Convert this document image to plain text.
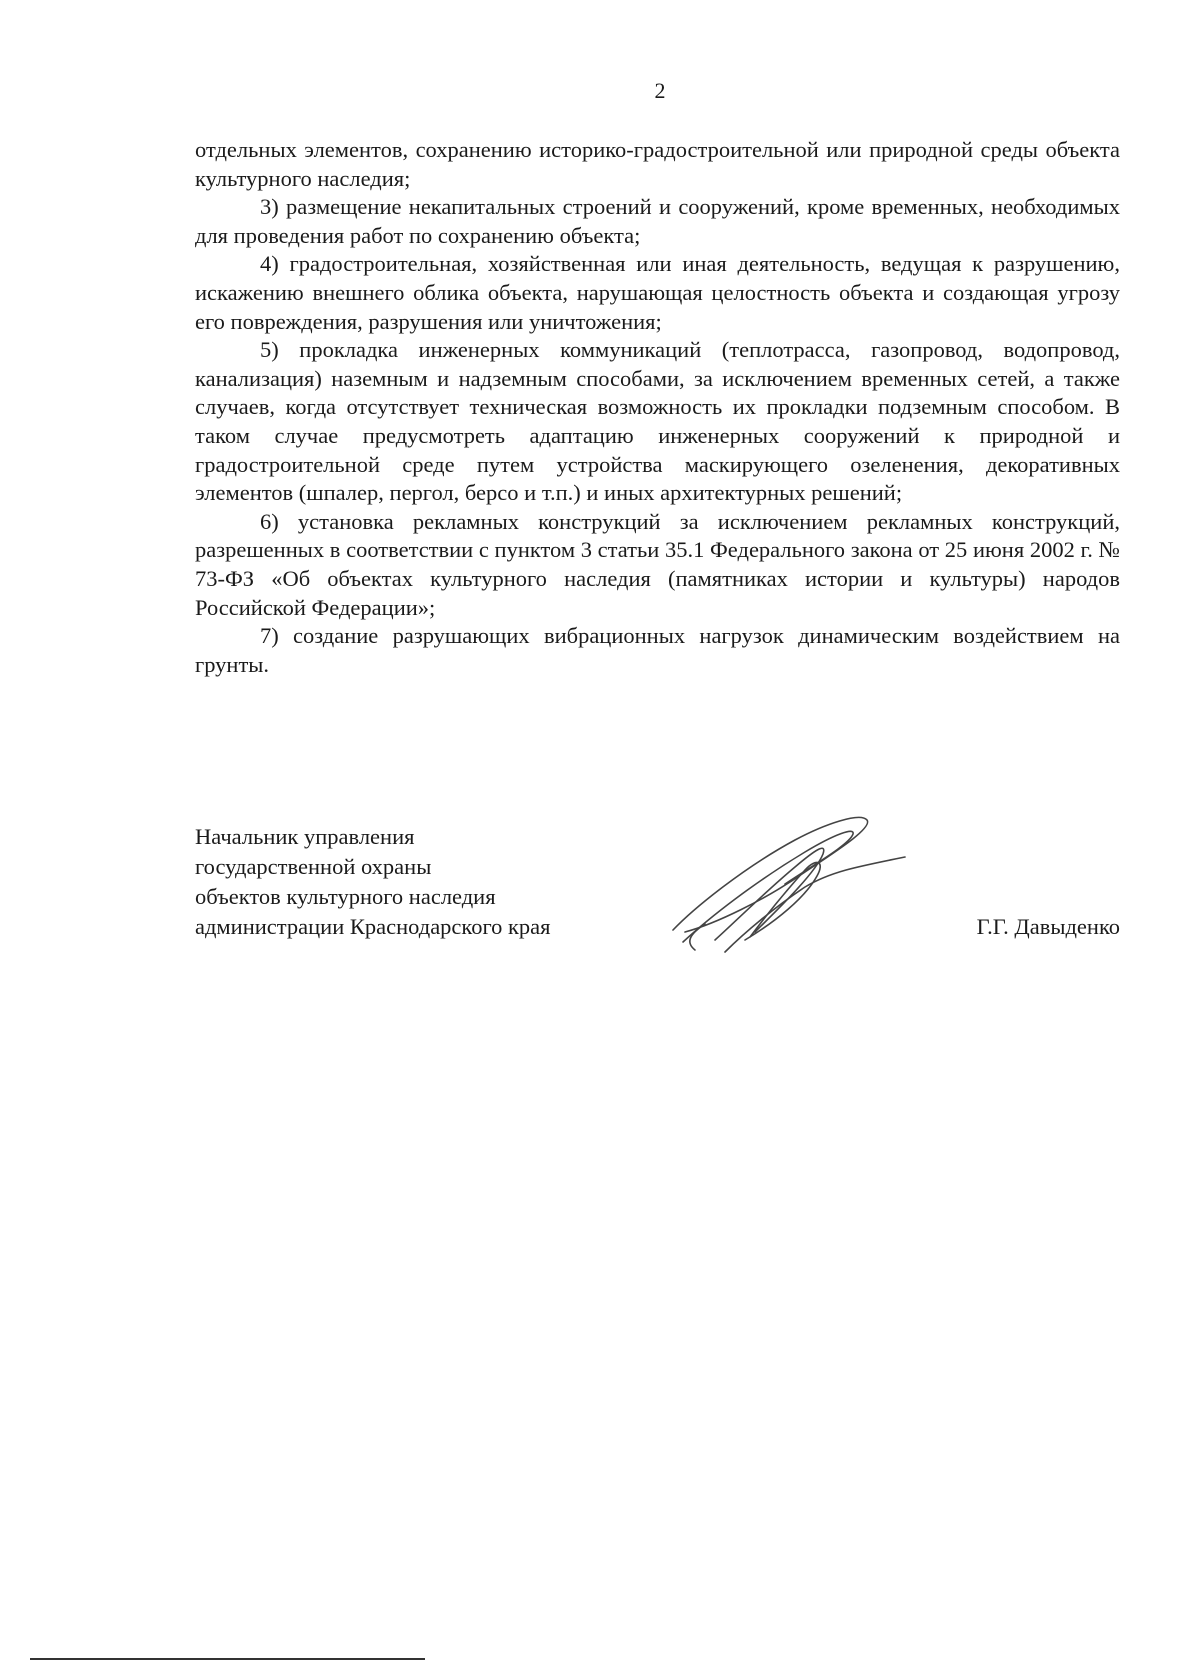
2

отдельных элементов, сохранению историко-градостроительной или природной среды объекта культурного наследия;

3) размещение некапитальных строений и сооружений, кроме временных, необходимых для проведения работ по сохранению объекта;

4) градостроительная, хозяйственная или иная деятельность, ведущая к разрушению, искажению внешнего облика объекта, нарушающая целостность объекта и создающая угрозу его повреждения, разрушения или уничтожения;

5) прокладка инженерных коммуникаций (теплотрасса, газопровод, водопровод, канализация) наземным и надземным способами, за исключением временных сетей, а также случаев, когда отсутствует техническая возможность их прокладки подземным способом. В таком случае предусмотреть адаптацию инженерных сооружений к природной и градостроительной среде путем устройства маскирующего озеленения, декоративных элементов (шпалер, пергол, берсо и т.п.) и иных архитектурных решений;

6) установка рекламных конструкций за исключением рекламных конструкций, разрешенных в соответствии с пунктом 3 статьи 35.1 Федерального закона от 25 июня 2002 г. № 73-ФЗ «Об объектах культурного наследия (памятниках истории и культуры) народов Российской Федерации»;

7) создание разрушающих вибрационных нагрузок динамическим воздействием на грунты.

Начальник управления
государственной охраны
объектов культурного наследия
администрации Краснодарского края	Г.Г. Давыденко
